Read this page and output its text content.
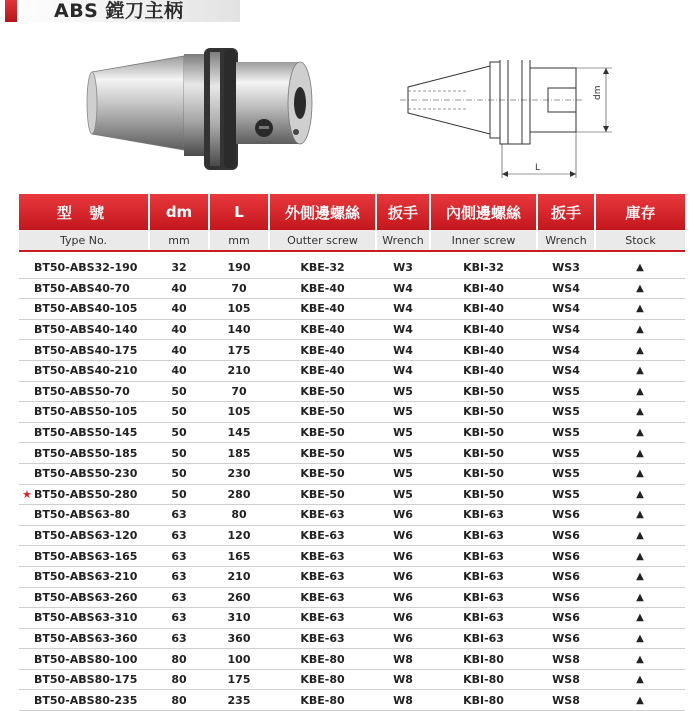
ABS 鏜刀主柄
dm
L
型 號	dm	L	外側邊螺絲	扳手	內側邊螺絲	扳手	庫存
Type No.	mm	mm	Outter screw	Wrench	Inner screw	Wrench	Stock

BT50-ABS32-190	32	190	KBE-32	W3	KBI-32	WS3	▲
BT50-ABS40-70	40	70	KBE-40	W4	KBI-40	WS4	▲
BT50-ABS40-105	40	105	KBE-40	W4	KBI-40	WS4	▲
BT50-ABS40-140	40	140	KBE-40	W4	KBI-40	WS4	▲
BT50-ABS40-175	40	175	KBE-40	W4	KBI-40	WS4	▲
BT50-ABS40-210	40	210	KBE-40	W4	KBI-40	WS4	▲
BT50-ABS50-70	50	70	KBE-50	W5	KBI-50	WS5	▲
BT50-ABS50-105	50	105	KBE-50	W5	KBI-50	WS5	▲
BT50-ABS50-145	50	145	KBE-50	W5	KBI-50	WS5	▲
BT50-ABS50-185	50	185	KBE-50	W5	KBI-50	WS5	▲
BT50-ABS50-230	50	230	KBE-50	W5	KBI-50	WS5	▲

★ BT50-ABS50-280	50	280	KBE-50	W5	KBI-50	WS5	▲
BT50-ABS63-80	63	80	KBE-63	W6	KBI-63	WS6	▲
BT50-ABS63-120	63	120	KBE-63	W6	KBI-63	WS6	▲
BT50-ABS63-165	63	165	KBE-63	W6	KBI-63	WS6	▲
BT50-ABS63-210	63	210	KBE-63	W6	KBI-63	WS6	▲
BT50-ABS63-260	63	260	KBE-63	W6	KBI-63	WS6	▲
BT50-ABS63-310	63	310	KBE-63	W6	KBI-63	WS6	▲
BT50-ABS63-360	63	360	KBE-63	W6	KBI-63	WS6	▲
BT50-ABS80-100	80	100	KBE-80	W8	KBI-80	WS8	▲
BT50-ABS80-175	80	175	KBE-80	W8	KBI-80	WS8	▲
BT50-ABS80-235	80	235	KBE-80	W8	KBI-80	WS8	▲
